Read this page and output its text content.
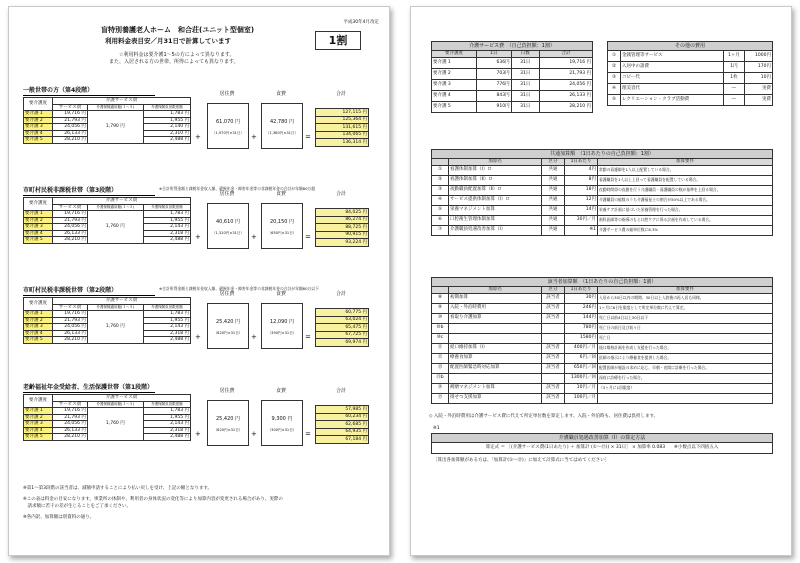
平成30年4月改定
盲特別養護老人ホーム　和合荘(ユニット型個室)
利用料金表目安／月31日で計算しています	1割
☆利用料金は要介護1～5の方によって異なります。
また、入居される方の世帯、所得によっても異なります。
一般世帯の方（第4段階）
要介護度	介護サービス費		
	サービス費	介護保険適用額(１～５)	介護保険負担限度額
要介護 1	19,716 円	1,790 円	1,783 円
要介護 2	21,793 円		1,955 円
要介護 3	24,056 円		2,140 円
要介護 4	26,133 円		2,310 円
要介護 5	28,210 円		2,488 円 +
居住費
61,070 円
（1,970円×31日） +
食費
42,780 円
（1,380円×31日） =
合計
127,115 円
125,364 円
131,615 円
134,065 円
136,314 円
市町村民税非課税世帯（第3段階）	※合計所得金額と課税年金収入額、遺族年金・障害年金等の非課税年金の合計が年額80万超
要介護度	介護サービス費		
	サービス費	介護保険適用額(１～５)	介護保険負担限度額
要介護 1	19,716 円	1,760 円	1,783 円
要介護 2	21,793 円		1,955 円
要介護 3	24,056 円		2,143 円
要介護 4	26,133 円		2,318 円
要介護 5	28,210 円		2,488 円 +
居住費
40,610 円
（1,310円×31日） +
食費
20,150 円
（650円×31日）	=
合計
84,025 円
86,274 円
88,725 円
90,915 円
93,224 円
市町村民税非課税世帯（第2段階）	※合計所得金額と課税年金収入額、遺族年金・障害年金等の非課税年金の合計が年額80万以下
要介護度	介護サービス費		
	サービス費	介護保険適用額(１～５)	介護保険負担限度額
要介護 1	19,716 円	1,760 円	1,783 円
要介護 2	21,793 円		1,955 円
要介護 3	24,056 円		2,143 円
要介護 4	26,133 円		2,318 円
要介護 5	28,210 円		2,488 円 +
居住費
25,420 円
（820円×31日）	+
食費
12,090 円
（390円×31日）	=
合計
60,775 円
63,024 円
65,475 円
67,725 円
69,974 円
老齢福祉年金受給者、生活保護世帯（第1段階）
要介護度	介護サービス費		
	サービス費	介護保険適用額(１～５)	介護保険負担限度額
要介護 1	19,716 円	1,760 円	1,783 円
要介護 2	21,793 円		1,955 円
要介護 3	24,056 円		2,143 円
要介護 4	26,133 円		2,318 円
要介護 5	28,210 円		2,488 円 +
居住費
25,420 円
（820円×31日）	+
食費
9,300 円
（300円×31日）	=
合計
57,985 円
60,234 円
62,685 円
64,935 円
67,184 円
※第1～第3段階の該当者は、減額申請することにより払い戻しを受け、上記の額となります。
※この表は料金の目安になります。事業所の体制や、利用者の身体状況の変化等により加算内容が変更される場合があり、実際の
　請求額に若干の差が生じることをご了承ください。
※各内訳、加算額は別資料の通り。
介護サービス費　（自己負担額：1割）
要介護度	1日	日数	合計
要介護 1	636円	31日	19,716 円
要介護 2	703円	31日	21,793 円
要介護 3	776円	31日	24,056 円
要介護 4	843円	31日	26,133 円
要介護 5	910円	31日	28,210 円
その他の費用
①	金銭管理等サービス	1ヶ月	1000円
②	入居中の諸費	1円	170円
③	コピー代	1枚	10円
④	理美容代	―	実費
⑤	レクリエーション・クラブ活動費	―	実費
共通加算額　（1日あたりの自己負担額：1割）
	加算名	区分	1日あたり	加算要件
①	看護体制加算（Ⅰ）ロ	共通	4円	常勤の看護師を1人以上配置している場合。
②	看護体制加算（Ⅱ）ロ	共通	8円	看護職員を1人以上上回って看護職員を配置している場合。
③	夜勤職員配置加算（Ⅱ）ロ	共通	18円	夜勤時間帯の夜勤を行う介護職員・看護職員の数が基準を上回る場合。
④	サービス提供体制加算（Ⅰ）ロ	共通	12円	介護職員の総数のうち介護福祉士の割合が50%以上である場合。
⑤	栄養マネジメント加算	共通	14円	栄養ケア計画に基づいた栄養管理を行った場合。
⑥	口腔衛生管理体制加算	共通	30円／月	歯科医師等の指導のもと口腔ケアに係る計画を作成している場合。
⑦	介護職員処遇改善加算（Ⅰ）	共通	※1	介護サービス費の総単位数に8.3%
該当者加算額　（1日あたりの自己負担額：1割）
	加算名	区分	1日あたり	加算要件
⑧	初期加算	該当者	30円	入居から30日以内の期間、30日以上入院後の再入居も同様。
⑨	入院・外泊時費用	該当者	246円	1ヶ月に6日を限度として所定単位数に代えて算定。
⑩	看取り介護加算	該当者	144円	死亡日以前4日以上30日以下
⑩b			780円	死亡日の前日及び前々日
⑩c			1580円	死亡日
⑪	経口維持加算（Ⅰ）	該当者	400円／月	経口維持計画を作成し支援を行った場合。
⑫	療養食加算	該当者	6円／回	医師の指示により療養食を提供した場合。
⑬	配置医師緊急時対応加算	該当者	650円／回	配置医師が施設の求めに応じ、早朝・夜間に診療を行った場合。
⑬b			1300円／回	深夜に診療を行った場合。
⑭	褥瘡マネジメント加算	該当者	10円／月	（3ヶ月に1回限度）
⑮	排せつ支援加算	該当者	100円／月	
◇ 入院・外泊時費用は介護サービス費に代えて所定単位数を算定します。入院・外泊時も、居住費は負担します。
※1
介護職員処遇改善加算（Ⅰ）の算定方法
算定式 ＝ ［(介護サービス費(1日あたり) ＋ 加算計 (①～⑮)) × 31日］ × 加算率 0.083　　※小数点以下四捨五入
［算出各加算額がある方は、「加算計(①～⑮)」に加えて計算式に当てはめてください］
